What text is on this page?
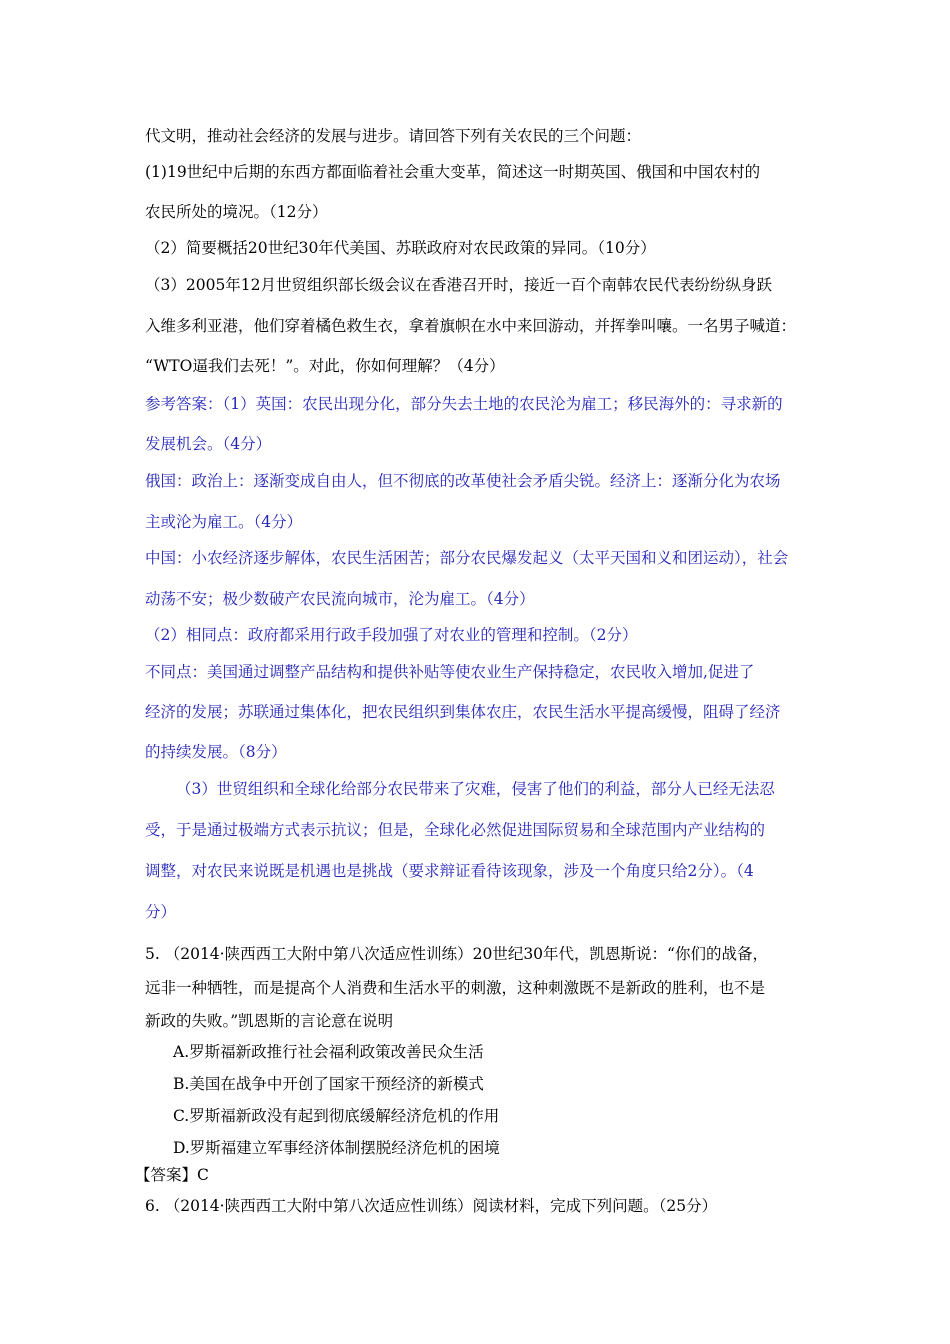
代文明，推动社会经济的发展与进步。请回答下列有关农民的三个问题：
(1)19世纪中后期的东西方都面临着社会重大变革，简述这一时期英国、俄国和中国农村的
农民所处的境况。（12分）
（2）简要概括20世纪30年代美国、苏联政府对农民政策的异同。（10分）
（3）2005年12月世贸组织部长级会议在香港召开时，接近一百个南韩农民代表纷纷纵身跃
入维多利亚港，他们穿着橘色救生衣，拿着旗帜在水中来回游动，并挥拳叫嚷。一名男子喊道：
“WTO逼我们去死！”。对此，你如何理解？（4分）
参考答案：（1）英国：农民出现分化，部分失去土地的农民沦为雇工；移民海外的：寻求新的
发展机会。（4分）
俄国：政治上：逐渐变成自由人，但不彻底的改革使社会矛盾尖锐。经济上：逐渐分化为农场
主或沦为雇工。（4分）
中国：小农经济逐步解体，农民生活困苦；部分农民爆发起义（太平天国和义和团运动），社会
动荡不安；极少数破产农民流向城市，沦为雇工。（4分）
（2）相同点：政府都采用行政手段加强了对农业的管理和控制。（2分）
不同点：美国通过调整产品结构和提供补贴等使农业生产保持稳定，农民收入增加,促进了
经济的发展；苏联通过集体化，把农民组织到集体农庄，农民生活水平提高缓慢，阻碍了经济
的持续发展。（8分）
（3）世贸组织和全球化给部分农民带来了灾难，侵害了他们的利益，部分人已经无法忍
受，于是通过极端方式表示抗议；但是，全球化必然促进国际贸易和全球范围内产业结构的
调整，对农民来说既是机遇也是挑战（要求辩证看待该现象，涉及一个角度只给2分）。（4
分）
5. （2014·陕西西工大附中第八次适应性训练）20世纪30年代，凯恩斯说：“你们的战备，
远非一种牺牲，而是提高个人消费和生活水平的刺激，这种刺激既不是新政的胜利，也不是
新政的失败。”凯恩斯的言论意在说明
A.罗斯福新政推行社会福利政策改善民众生活
B.美国在战争中开创了国家干预经济的新模式
C.罗斯福新政没有起到彻底缓解经济危机的作用
D.罗斯福建立军事经济体制摆脱经济危机的困境
【答案】C
6. （2014·陕西西工大附中第八次适应性训练）阅读材料，完成下列问题。（25分）
